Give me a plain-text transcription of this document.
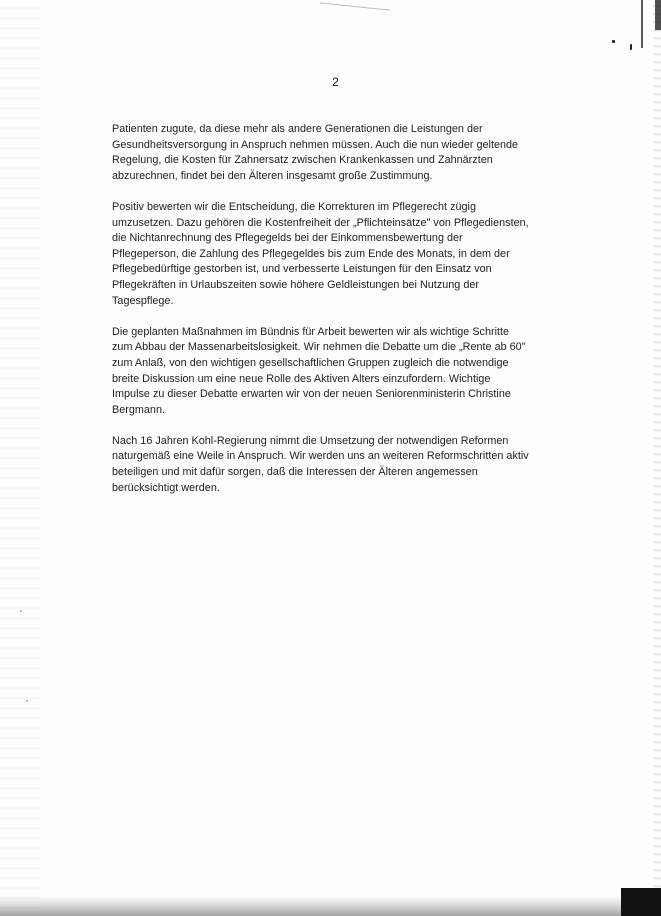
2

Patienten zugute, da diese mehr als andere Generationen die Leistungen der
Gesundheitsversorgung in Anspruch nehmen müssen. Auch die nun wieder geltende
Regelung, die Kosten für Zahnersatz zwischen Krankenkassen und Zahnärzten
abzurechnen, findet bei den Älteren insgesamt große Zustimmung.

Positiv bewerten wir die Entscheidung, die Korrekturen im Pflegerecht zügig
umzusetzen. Dazu gehören die Kostenfreiheit der „Pflichteinsätze" von Pflegediensten,
die Nichtanrechnung des Pflegegelds bei der Einkommensbewertung der
Pflegeperson, die Zahlung des Pflegegeldes bis zum Ende des Monats, in dem der
Pflegebedürftige gestorben ist, und verbesserte Leistungen für den Einsatz von
Pflegekräften in Urlaubszeiten sowie höhere Geldleistungen bei Nutzung der
Tagespflege.

Die geplanten Maßnahmen im Bündnis für Arbeit bewerten wir als wichtige Schritte
zum Abbau der Massenarbeitslosigkeit. Wir nehmen die Debatte um die „Rente ab 60"
zum Anlaß, von den wichtigen gesellschaftlichen Gruppen zugleich die notwendige
breite Diskussion um eine neue Rolle des Aktiven Alters einzufordern. Wichtige
Impulse zu dieser Debatte erwarten wir von der neuen Seniorenministerin Christine
Bergmann.

Nach 16 Jahren Kohl-Regierung nimmt die Umsetzung der notwendigen Reformen
naturgemäß eine Weile in Anspruch. Wir werden uns an weiteren Reformschritten aktiv
beteiligen und mit dafür sorgen, daß die Interessen der Älteren angemessen
berücksichtigt werden.
